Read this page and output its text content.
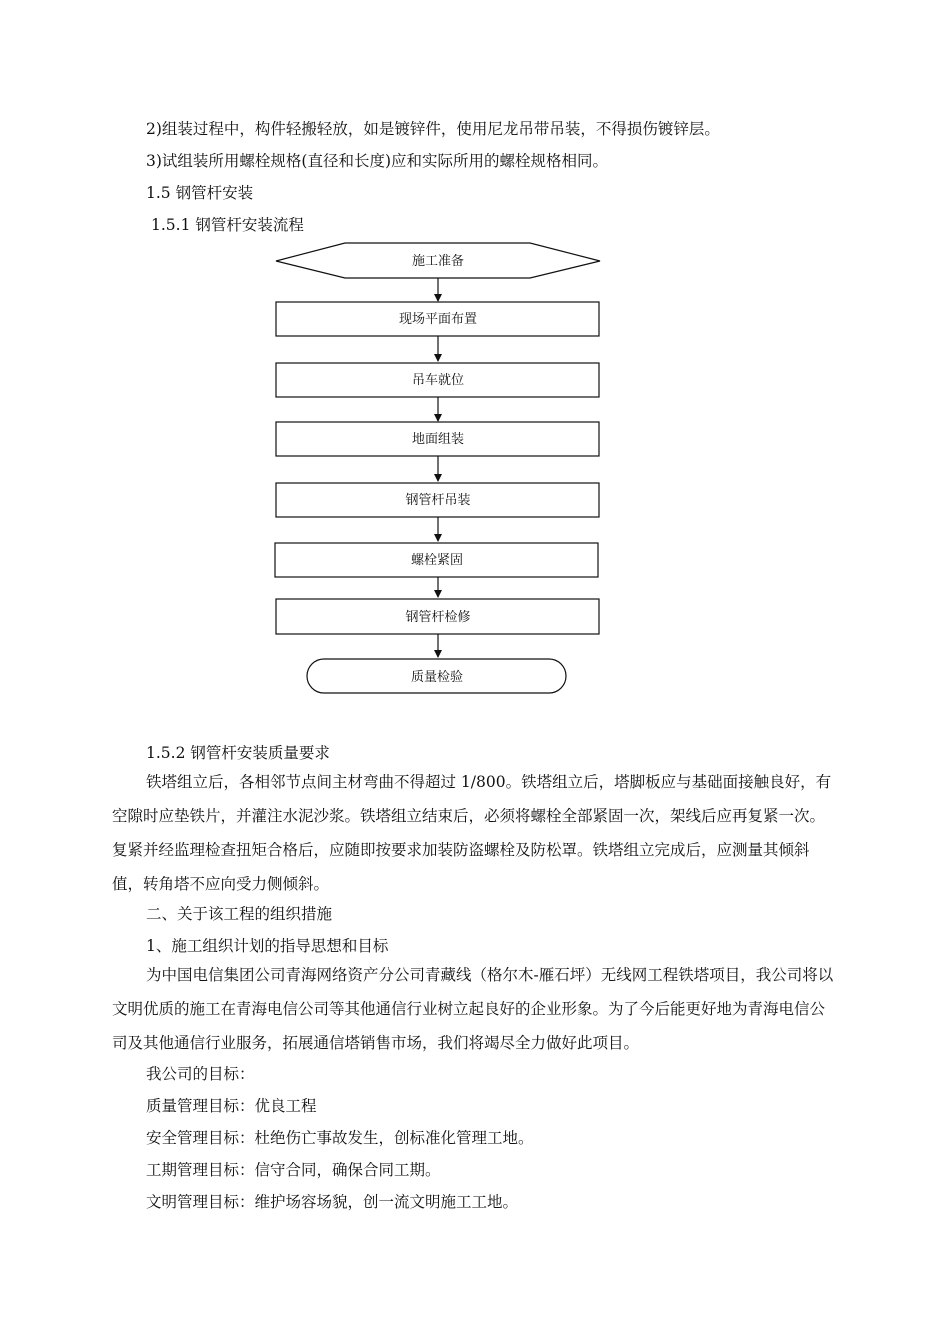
2)组装过程中，构件轻搬轻放，如是镀锌件，使用尼龙吊带吊装，不得损伤镀锌层。
3)试组装所用螺栓规格(直径和长度)应和实际所用的螺栓规格相同。
1.5 钢管杆安装
1.5.1 钢管杆安装流程
施工准备
现场平面布置
吊车就位
地面组装
钢管杆吊装
螺栓紧固
钢管杆检修
质量检验
1.5.2 钢管杆安装质量要求
铁塔组立后，各相邻节点间主材弯曲不得超过 1/800。铁塔组立后，塔脚板应与基础面接触良好，有空隙时应垫铁片，并灌注水泥沙浆。铁塔组立结束后，必须将螺栓全部紧固一次，架线后应再复紧一次。复紧并经监理检查扭矩合格后，应随即按要求加装防盗螺栓及防松罩。铁塔组立完成后，应测量其倾斜值，转角塔不应向受力侧倾斜。
二、关于该工程的组织措施
1、施工组织计划的指导思想和目标
为中国电信集团公司青海网络资产分公司青藏线（格尔木-雁石坪）无线网工程铁塔项目，我公司将以文明优质的施工在青海电信公司等其他通信行业树立起良好的企业形象。为了今后能更好地为青海电信公司及其他通信行业服务，拓展通信塔销售市场，我们将竭尽全力做好此项目。
我公司的目标：
质量管理目标：优良工程
安全管理目标：杜绝伤亡事故发生，创标准化管理工地。
工期管理目标：信守合同，确保合同工期。
文明管理目标：维护场容场貌，创一流文明施工工地。
